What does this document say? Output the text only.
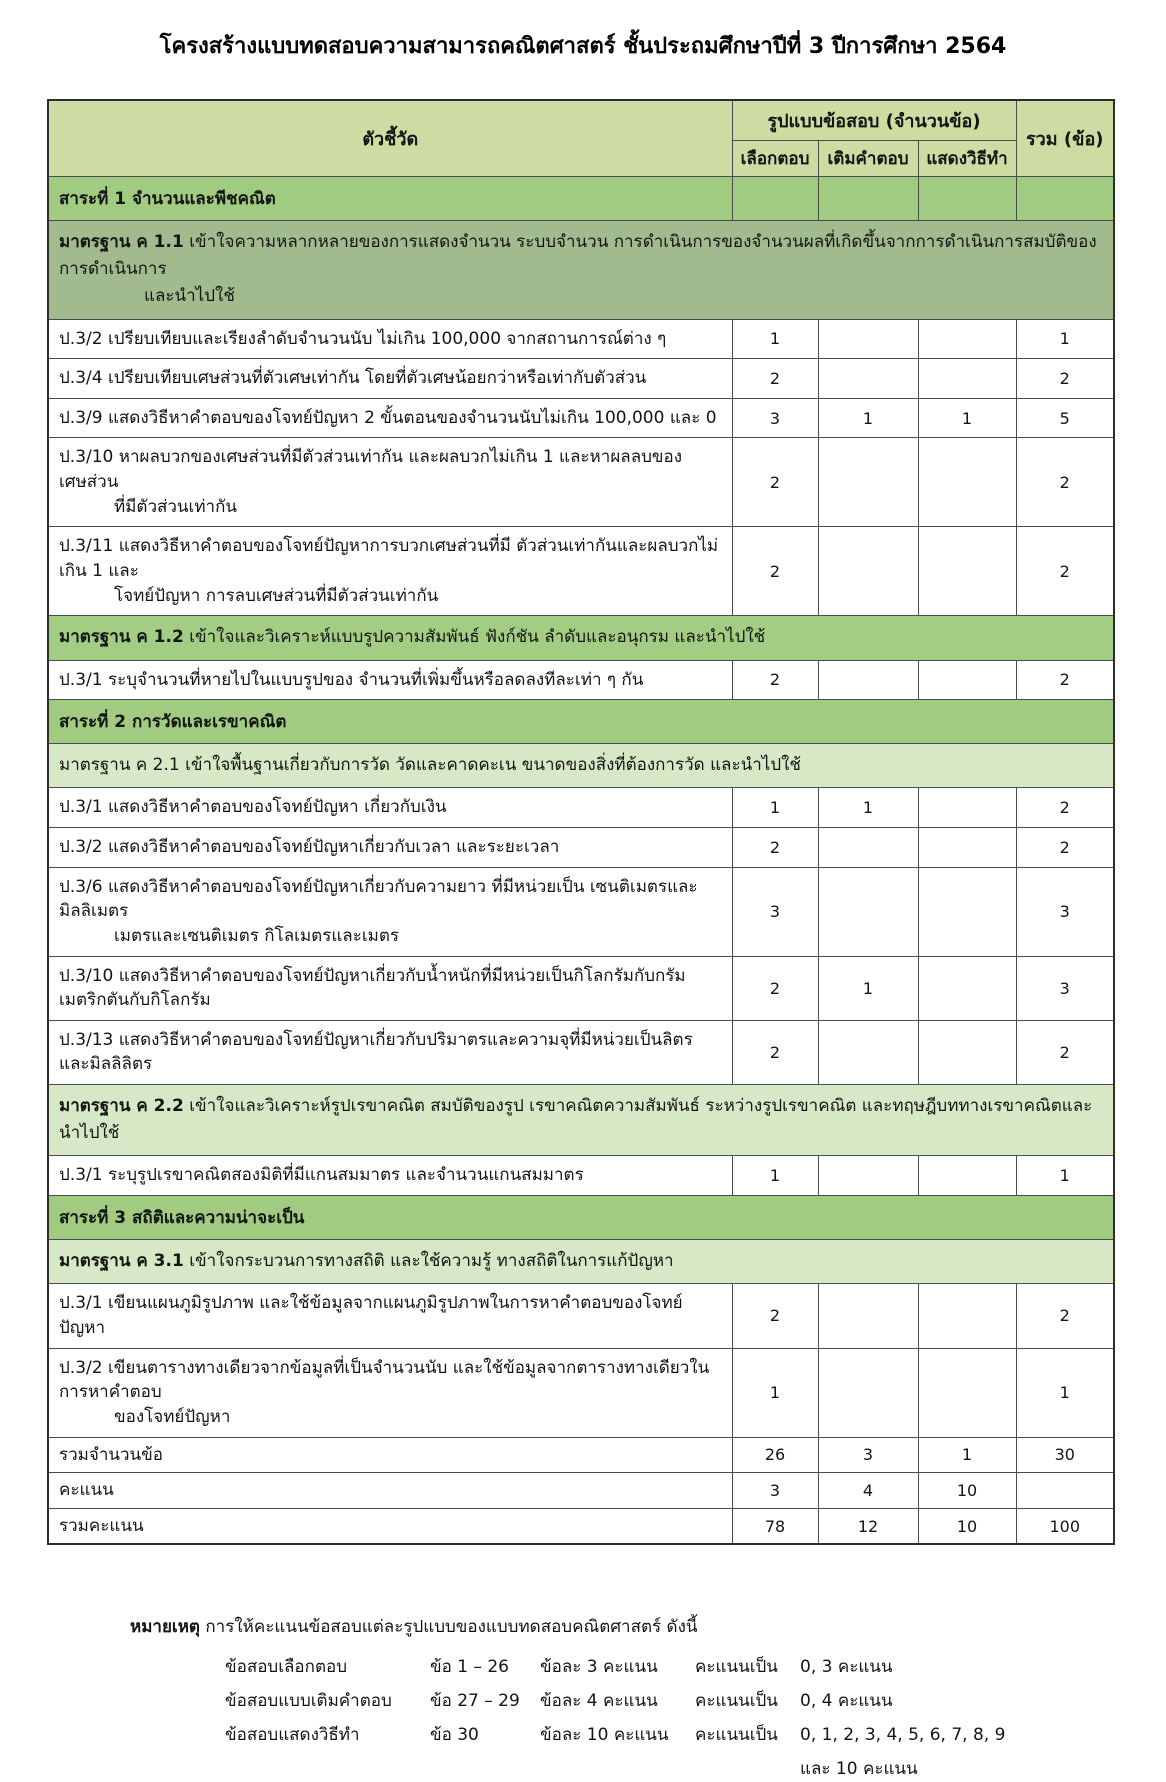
โครงสร้างแบบทดสอบความสามารถคณิตศาสตร์ ชั้นประถมศึกษาปีที่ 3 ปีการศึกษา 2564
ตัวชี้วัด	รูปแบบข้อสอบ (จำนวนข้อ)			รวม (ข้อ)
	เลือกตอบ	เติมคำตอบ	แสดงวิธีทำ	
สาระที่ 1 จำนวนและพีชคณิต				
มาตรฐาน ค 1.1 เข้าใจความหลากหลายของการแสดงจำนวน ระบบจำนวน การดำเนินการของจำนวนผลที่เกิดขึ้นจากการดำเนินการสมบัติของการดำเนินการ
และนำไปใช้				

ป.3/2 เปรียบเทียบและเรียงลำดับจำนวนนับ ไม่เกิน 100,000 จากสถานการณ์ต่าง ๆ	1			1
ป.3/4 เปรียบเทียบเศษส่วนที่ตัวเศษเท่ากัน โดยที่ตัวเศษน้อยกว่าหรือเท่ากับตัวส่วน	2			2
ป.3/9 แสดงวิธีหาคำตอบของโจทย์ปัญหา 2 ขั้นตอนของจำนวนนับไม่เกิน 100,000 และ 0	3	1	1	5
ป.3/10 หาผลบวกของเศษส่วนที่มีตัวส่วนเท่ากัน และผลบวกไม่เกิน 1 และหาผลลบของเศษส่วน
ที่มีตัวส่วนเท่ากัน	2			2
ป.3/11 แสดงวิธีหาคำตอบของโจทย์ปัญหาการบวกเศษส่วนที่มี ตัวส่วนเท่ากันและผลบวกไม่เกิน 1 และ
โจทย์ปัญหา การลบเศษส่วนที่มีตัวส่วนเท่ากัน	2			2
มาตรฐาน ค 1.2 เข้าใจและวิเคราะห์แบบรูปความสัมพันธ์ ฟังก์ชัน ลำดับและอนุกรม และนำไปใช้				
ป.3/1 ระบุจำนวนที่หายไปในแบบรูปของ จำนวนที่เพิ่มขึ้นหรือลดลงทีละเท่า ๆ กัน	2			2
สาระที่ 2 การวัดและเรขาคณิต				
มาตรฐาน ค 2.1 เข้าใจพื้นฐานเกี่ยวกับการวัด วัดและคาดคะเน ขนาดของสิ่งที่ต้องการวัด และนำไปใช้				
ป.3/1 แสดงวิธีหาคำตอบของโจทย์ปัญหา เกี่ยวกับเงิน	1	1		2
ป.3/2 แสดงวิธีหาคำตอบของโจทย์ปัญหาเกี่ยวกับเวลา และระยะเวลา	2			2
ป.3/6 แสดงวิธีหาคำตอบของโจทย์ปัญหาเกี่ยวกับความยาว ที่มีหน่วยเป็น เซนติเมตรและมิลลิเมตร
เมตรและเซนติเมตร กิโลเมตรและเมตร	3			3
ป.3/10 แสดงวิธีหาคำตอบของโจทย์ปัญหาเกี่ยวกับน้ำหนักที่มีหน่วยเป็นกิโลกรัมกับกรัม เมตริกตันกับกิโลกรัม	2	1		3
ป.3/13 แสดงวิธีหาคำตอบของโจทย์ปัญหาเกี่ยวกับปริมาตรและความจุที่มีหน่วยเป็นลิตรและมิลลิลิตร	2			2
มาตรฐาน ค 2.2 เข้าใจและวิเคราะห์รูปเรขาคณิต สมบัติของรูป เรขาคณิตความสัมพันธ์ ระหว่างรูปเรขาคณิต และทฤษฎีบททางเรขาคณิตและนำไปใช้				
ป.3/1 ระบุรูปเรขาคณิตสองมิติที่มีแกนสมมาตร และจำนวนแกนสมมาตร	1			1
สาระที่ 3 สถิติและความน่าจะเป็น				
มาตรฐาน ค 3.1 เข้าใจกระบวนการทางสถิติ และใช้ความรู้ ทางสถิติในการแก้ปัญหา				
ป.3/1 เขียนแผนภูมิรูปภาพ และใช้ข้อมูลจากแผนภูมิรูปภาพในการหาคำตอบของโจทย์ปัญหา	2			2
ป.3/2 เขียนตารางทางเดียวจากข้อมูลที่เป็นจำนวนนับ และใช้ข้อมูลจากตารางทางเดียวในการหาคำตอบ
ของโจทย์ปัญหา	1			1
รวมจำนวนข้อ	26	3	1	30
คะแนน	3	4	10	
รวมคะแนน	78	12	10	100
หมายเหตุ การให้คะแนนข้อสอบแต่ละรูปแบบของแบบทดสอบคณิตศาสตร์ ดังนี้
ข้อสอบเลือกตอบ	ข้อ 1 – 26	ข้อละ 3 คะแนน	คะแนนเป็น	0, 3 คะแนน
ข้อสอบแบบเติมคำตอบ	ข้อ 27 – 29	ข้อละ 4 คะแนน	คะแนนเป็น	0, 4 คะแนน
ข้อสอบแสดงวิธีทำ	ข้อ 30	ข้อละ 10 คะแนน	คะแนนเป็น	0, 1, 2, 3, 4, 5, 6, 7, 8, 9
และ 10 คะแนน
